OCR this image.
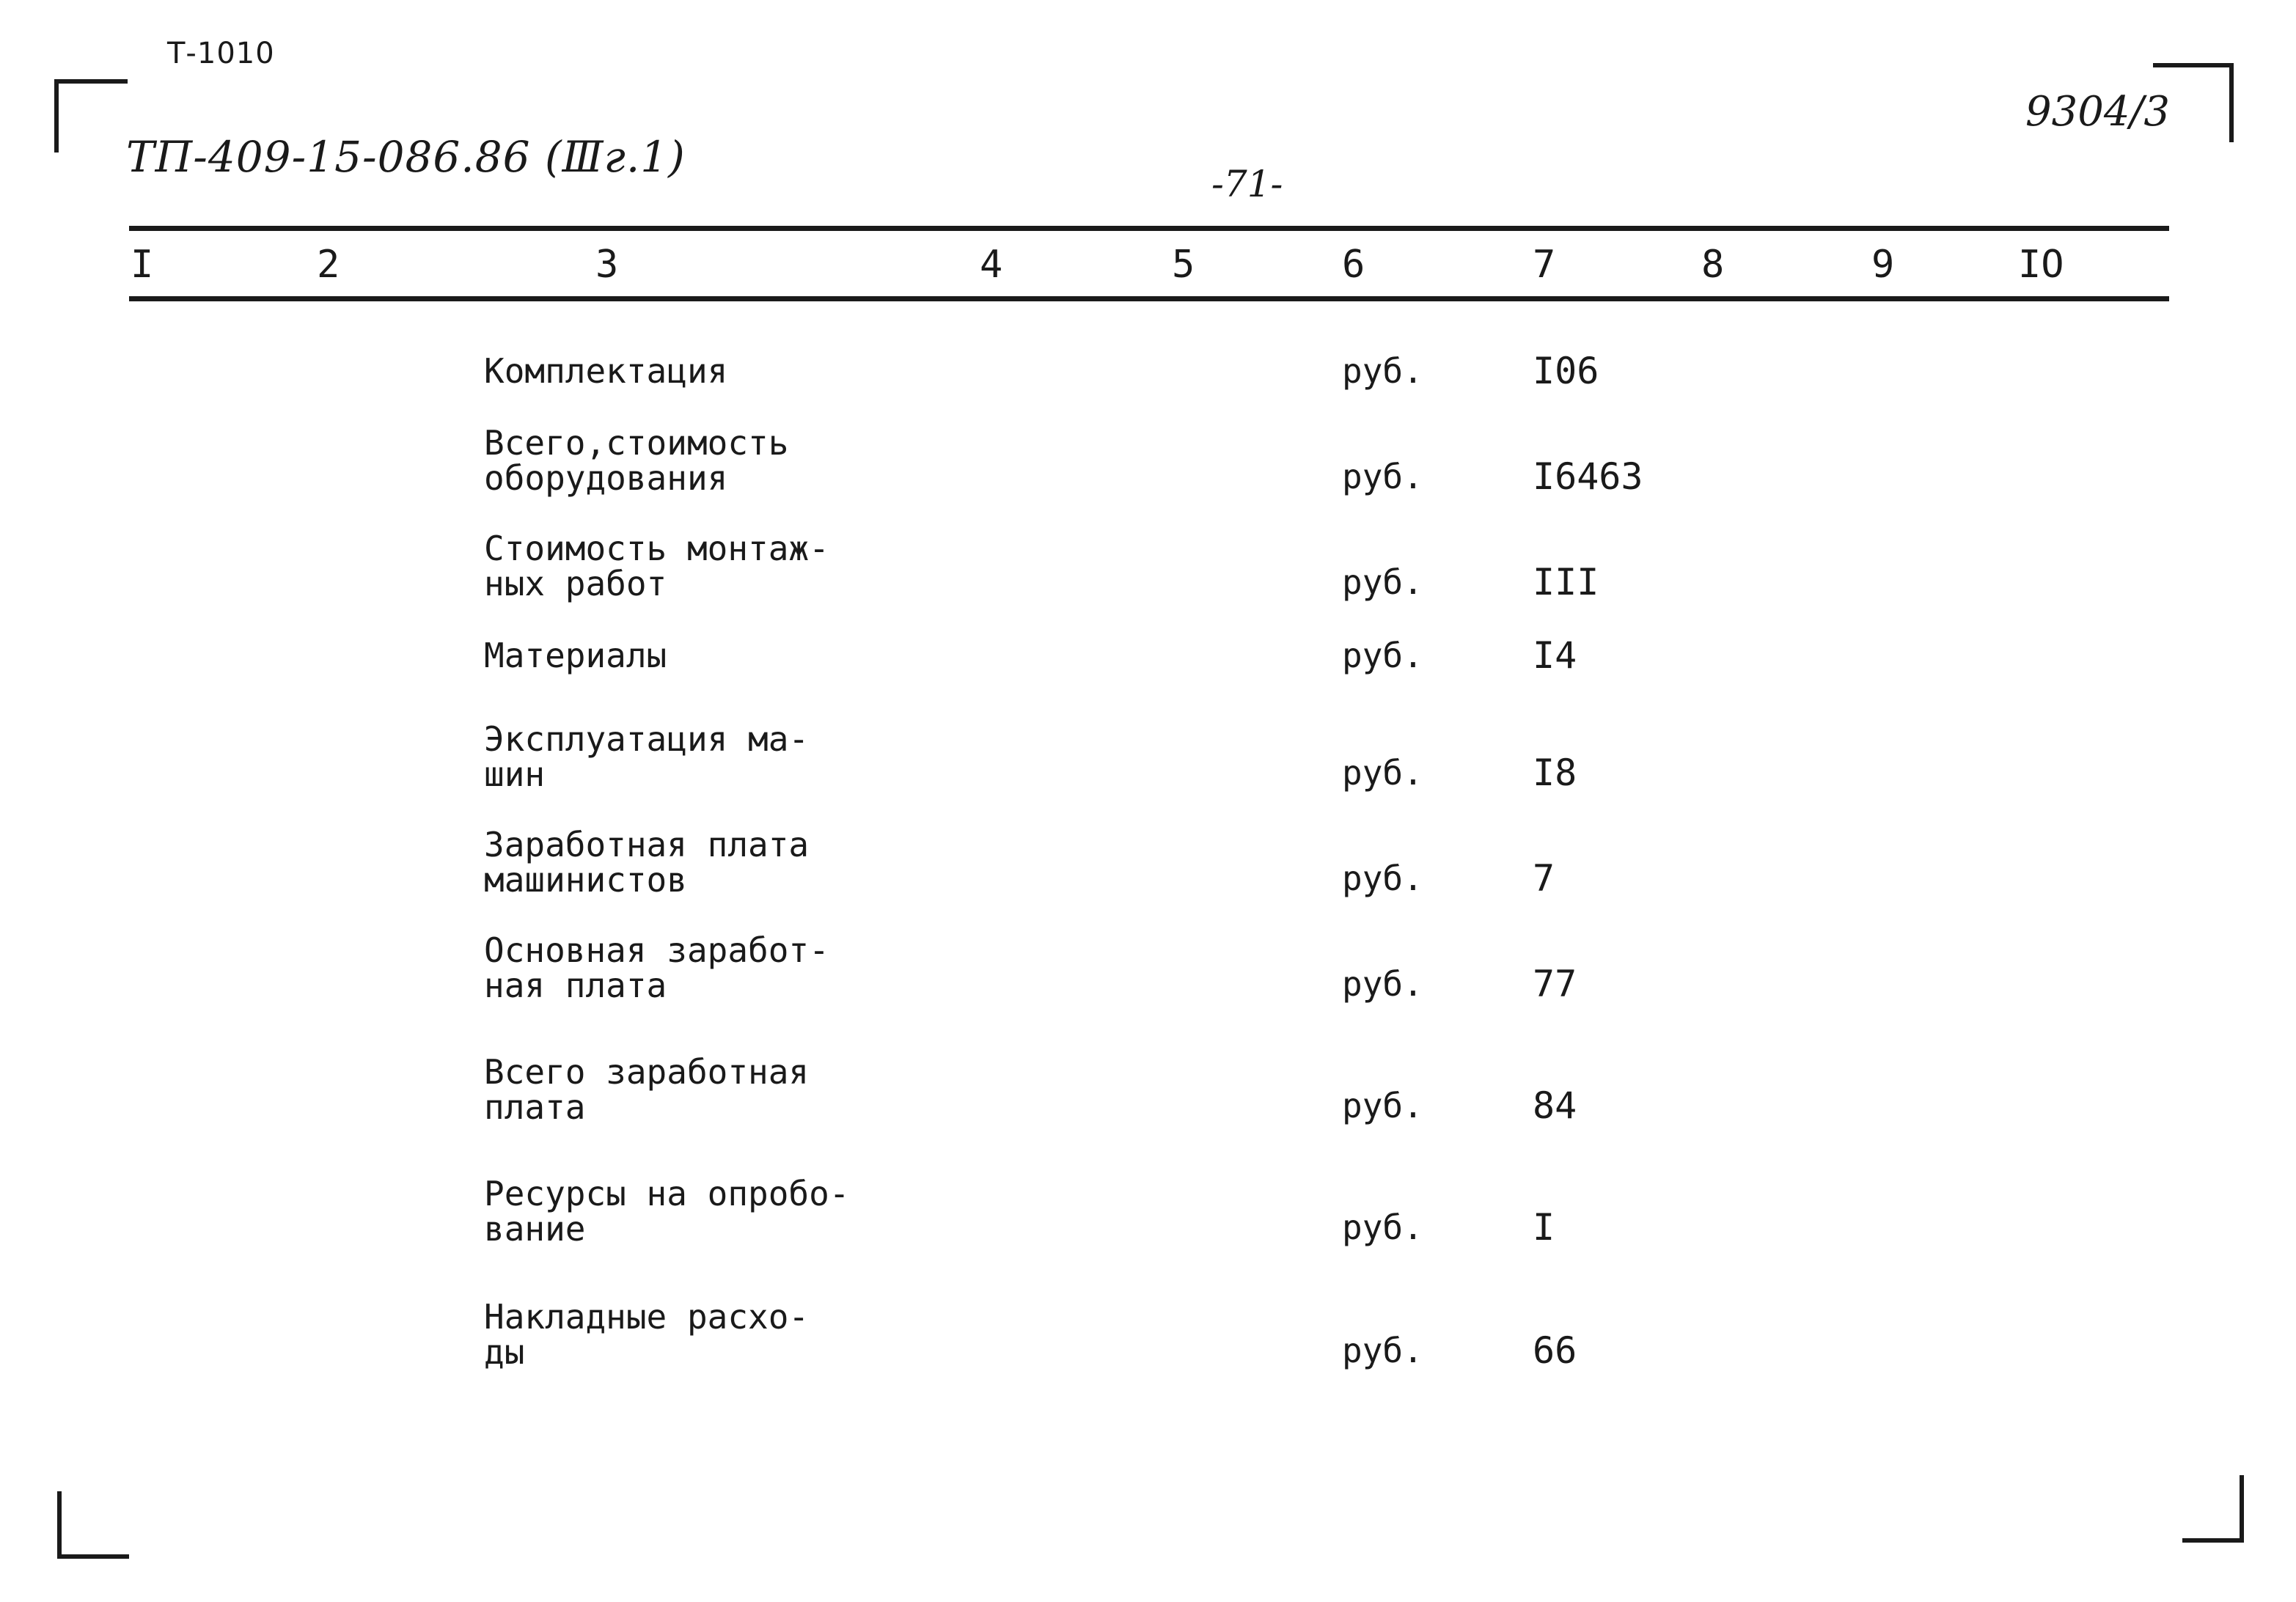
Т-1010
ТП-409-15-086.86 (Ⅲг.1)
9304/3
-71-
I	2	3	4	5	6	7	8	9	IO
Комплектация	руб.	I06
Всего,стоимость
оборудования	руб.	I6463
Стоимость монтаж-
ных работ	руб.	III
Материалы	руб.	I4
Эксплуатация ма-
шин	руб.	I8
Заработная плата
машинистов	руб.	7
Основная заработ-
ная плата	руб.	77
Всего заработная
плата	руб.	84
Ресурсы на опробо-
вание	руб.	I
Накладные расхо-
ды	руб.	66
